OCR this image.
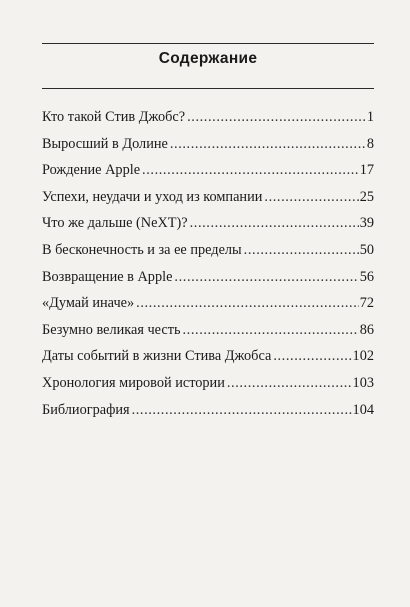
Содержание
Кто такой Стив Джобс? .....	1
Выросший в Долине .....	8
Рождение Apple .....	17
Успехи, неудачи и уход из компании .....	25
Что же дальше (NeXT)? .....	39
В бесконечность и за ее пределы .....	50
Возвращение в Apple .....	56
«Думай иначе» .....	72
Безумно великая честь .....	86
Даты событий в жизни Стива Джобса .....	102
Хронология мировой истории .....	103
Библиография .....	104
